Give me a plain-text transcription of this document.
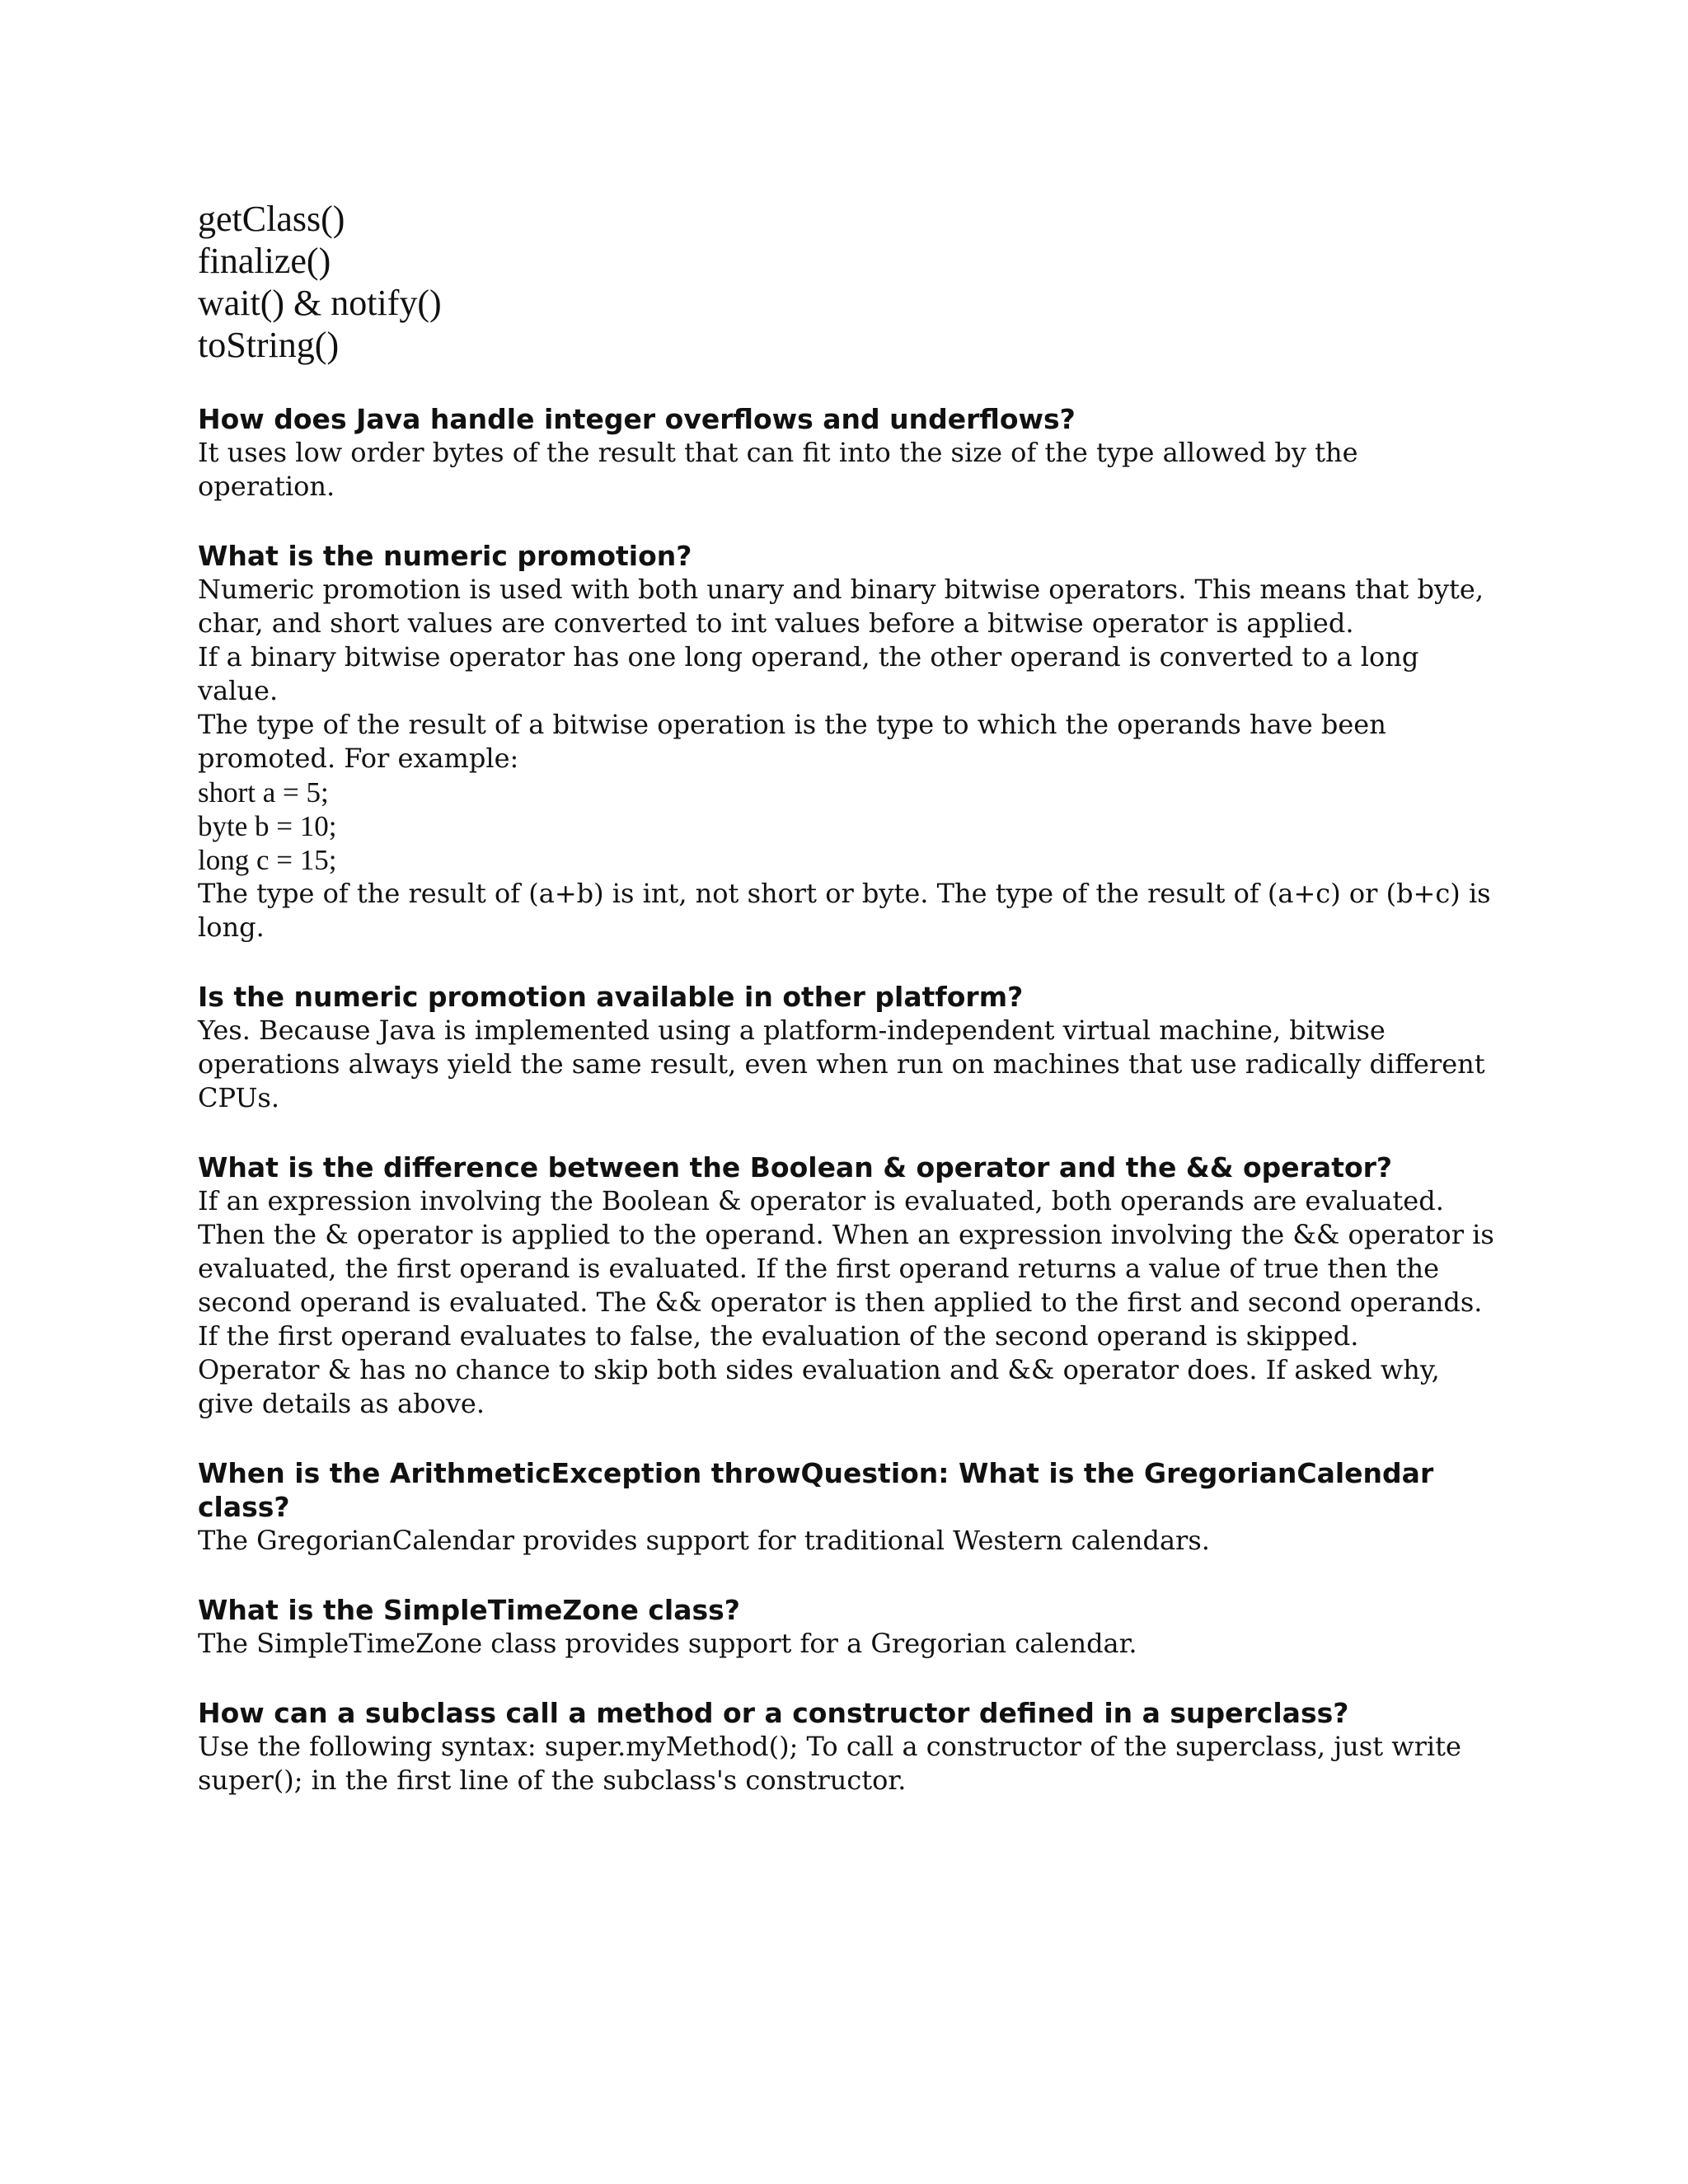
getClass()
finalize()
wait() & notify()
toString()
How does Java handle integer overflows and underflows?

It uses low order bytes of the result that can fit into the size of the type allowed by the operation.

What is the numeric promotion?

Numeric promotion is used with both unary and binary bitwise operators. This means that byte, char, and short values are converted to int values before a bitwise operator is applied.

If a binary bitwise operator has one long operand, the other operand is converted to a long value.

The type of the result of a bitwise operation is the type to which the operands have been promoted. For example:

short a = 5;
byte b = 10;
long c = 15;

The type of the result of (a+b) is int, not short or byte. The type of the result of (a+c) or (b+c) is long.

Is the numeric promotion available in other platform?

Yes. Because Java is implemented using a platform-independent virtual machine, bitwise operations always yield the same result, even when run on machines that use radically different CPUs.

What is the difference between the Boolean & operator and the && operator?

If an expression involving the Boolean & operator is evaluated, both operands are evaluated. Then the & operator is applied to the operand. When an expression involving the && operator is evaluated, the first operand is evaluated. If the first operand returns a value of true then the second operand is evaluated. The && operator is then applied to the first and second operands. If the first operand evaluates to false, the evaluation of the second operand is skipped.

Operator & has no chance to skip both sides evaluation and && operator does. If asked why, give details as above.

When is the ArithmeticException throwQuestion: What is the GregorianCalendar class?

The GregorianCalendar provides support for traditional Western calendars.

What is the SimpleTimeZone class?

The SimpleTimeZone class provides support for a Gregorian calendar.

How can a subclass call a method or a constructor defined in a superclass?

Use the following syntax: super.myMethod(); To call a constructor of the superclass, just write super(); in the first line of the subclass's constructor.
